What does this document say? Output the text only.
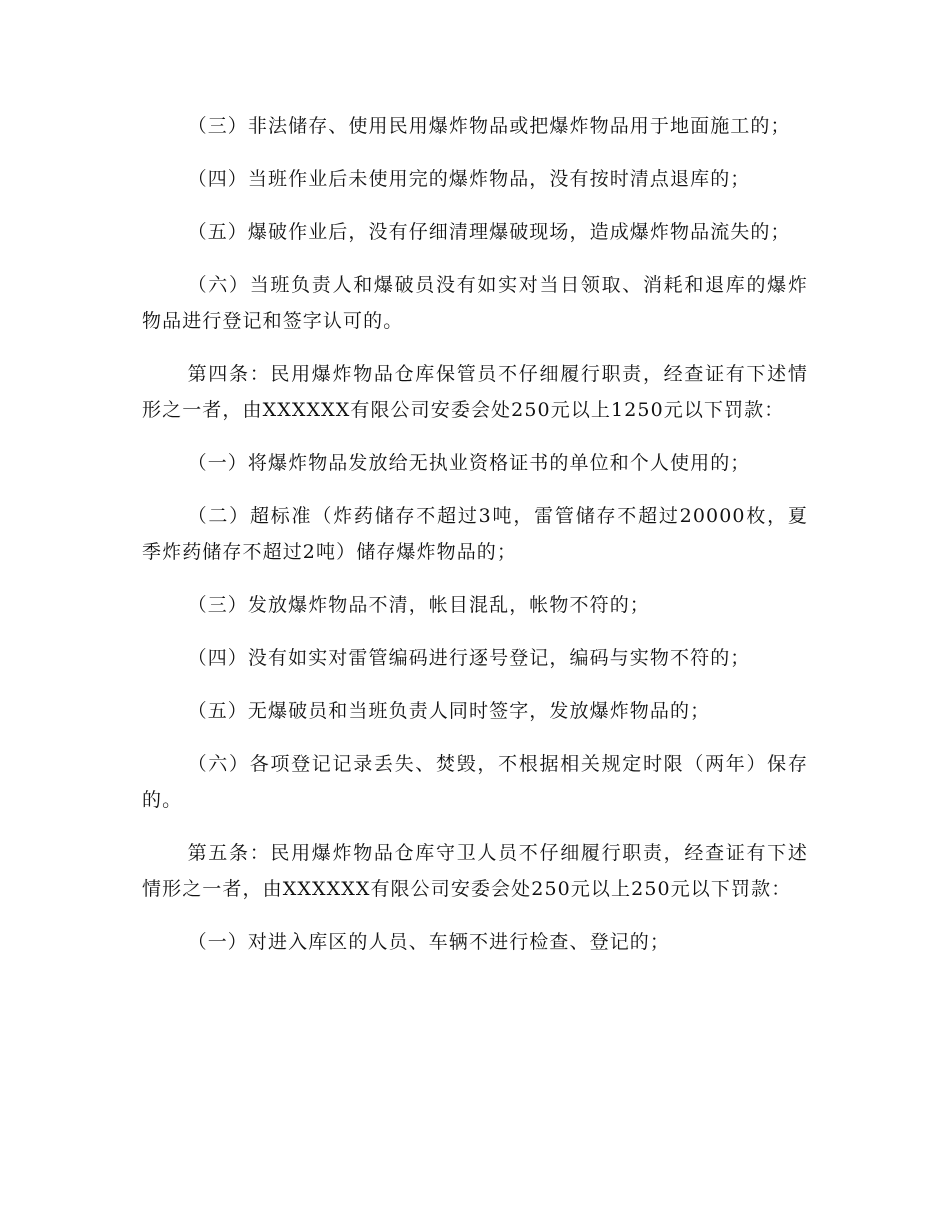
（三）非法储存、使用民用爆炸物品或把爆炸物品用于地面施工的；

（四）当班作业后未使用完的爆炸物品，没有按时清点退库的；

（五）爆破作业后，没有仔细清理爆破现场，造成爆炸物品流失的；

（六）当班负责人和爆破员没有如实对当日领取、消耗和退库的爆炸物品进行登记和签字认可的。

第四条：民用爆炸物品仓库保管员不仔细履行职责，经查证有下述情形之一者，由XXXXXX有限公司安委会处250元以上1250元以下罚款：

（一）将爆炸物品发放给无执业资格证书的单位和个人使用的；

（二）超标准（炸药储存不超过3吨，雷管储存不超过20000枚，夏季炸药储存不超过2吨）储存爆炸物品的；

（三）发放爆炸物品不清，帐目混乱，帐物不符的；

（四）没有如实对雷管编码进行逐号登记，编码与实物不符的；

（五）无爆破员和当班负责人同时签字，发放爆炸物品的；

（六）各项登记记录丢失、焚毁，不根据相关规定时限（两年）保存的。

第五条：民用爆炸物品仓库守卫人员不仔细履行职责，经查证有下述情形之一者，由XXXXXX有限公司安委会处250元以上250元以下罚款：

（一）对进入库区的人员、车辆不进行检查、登记的；
